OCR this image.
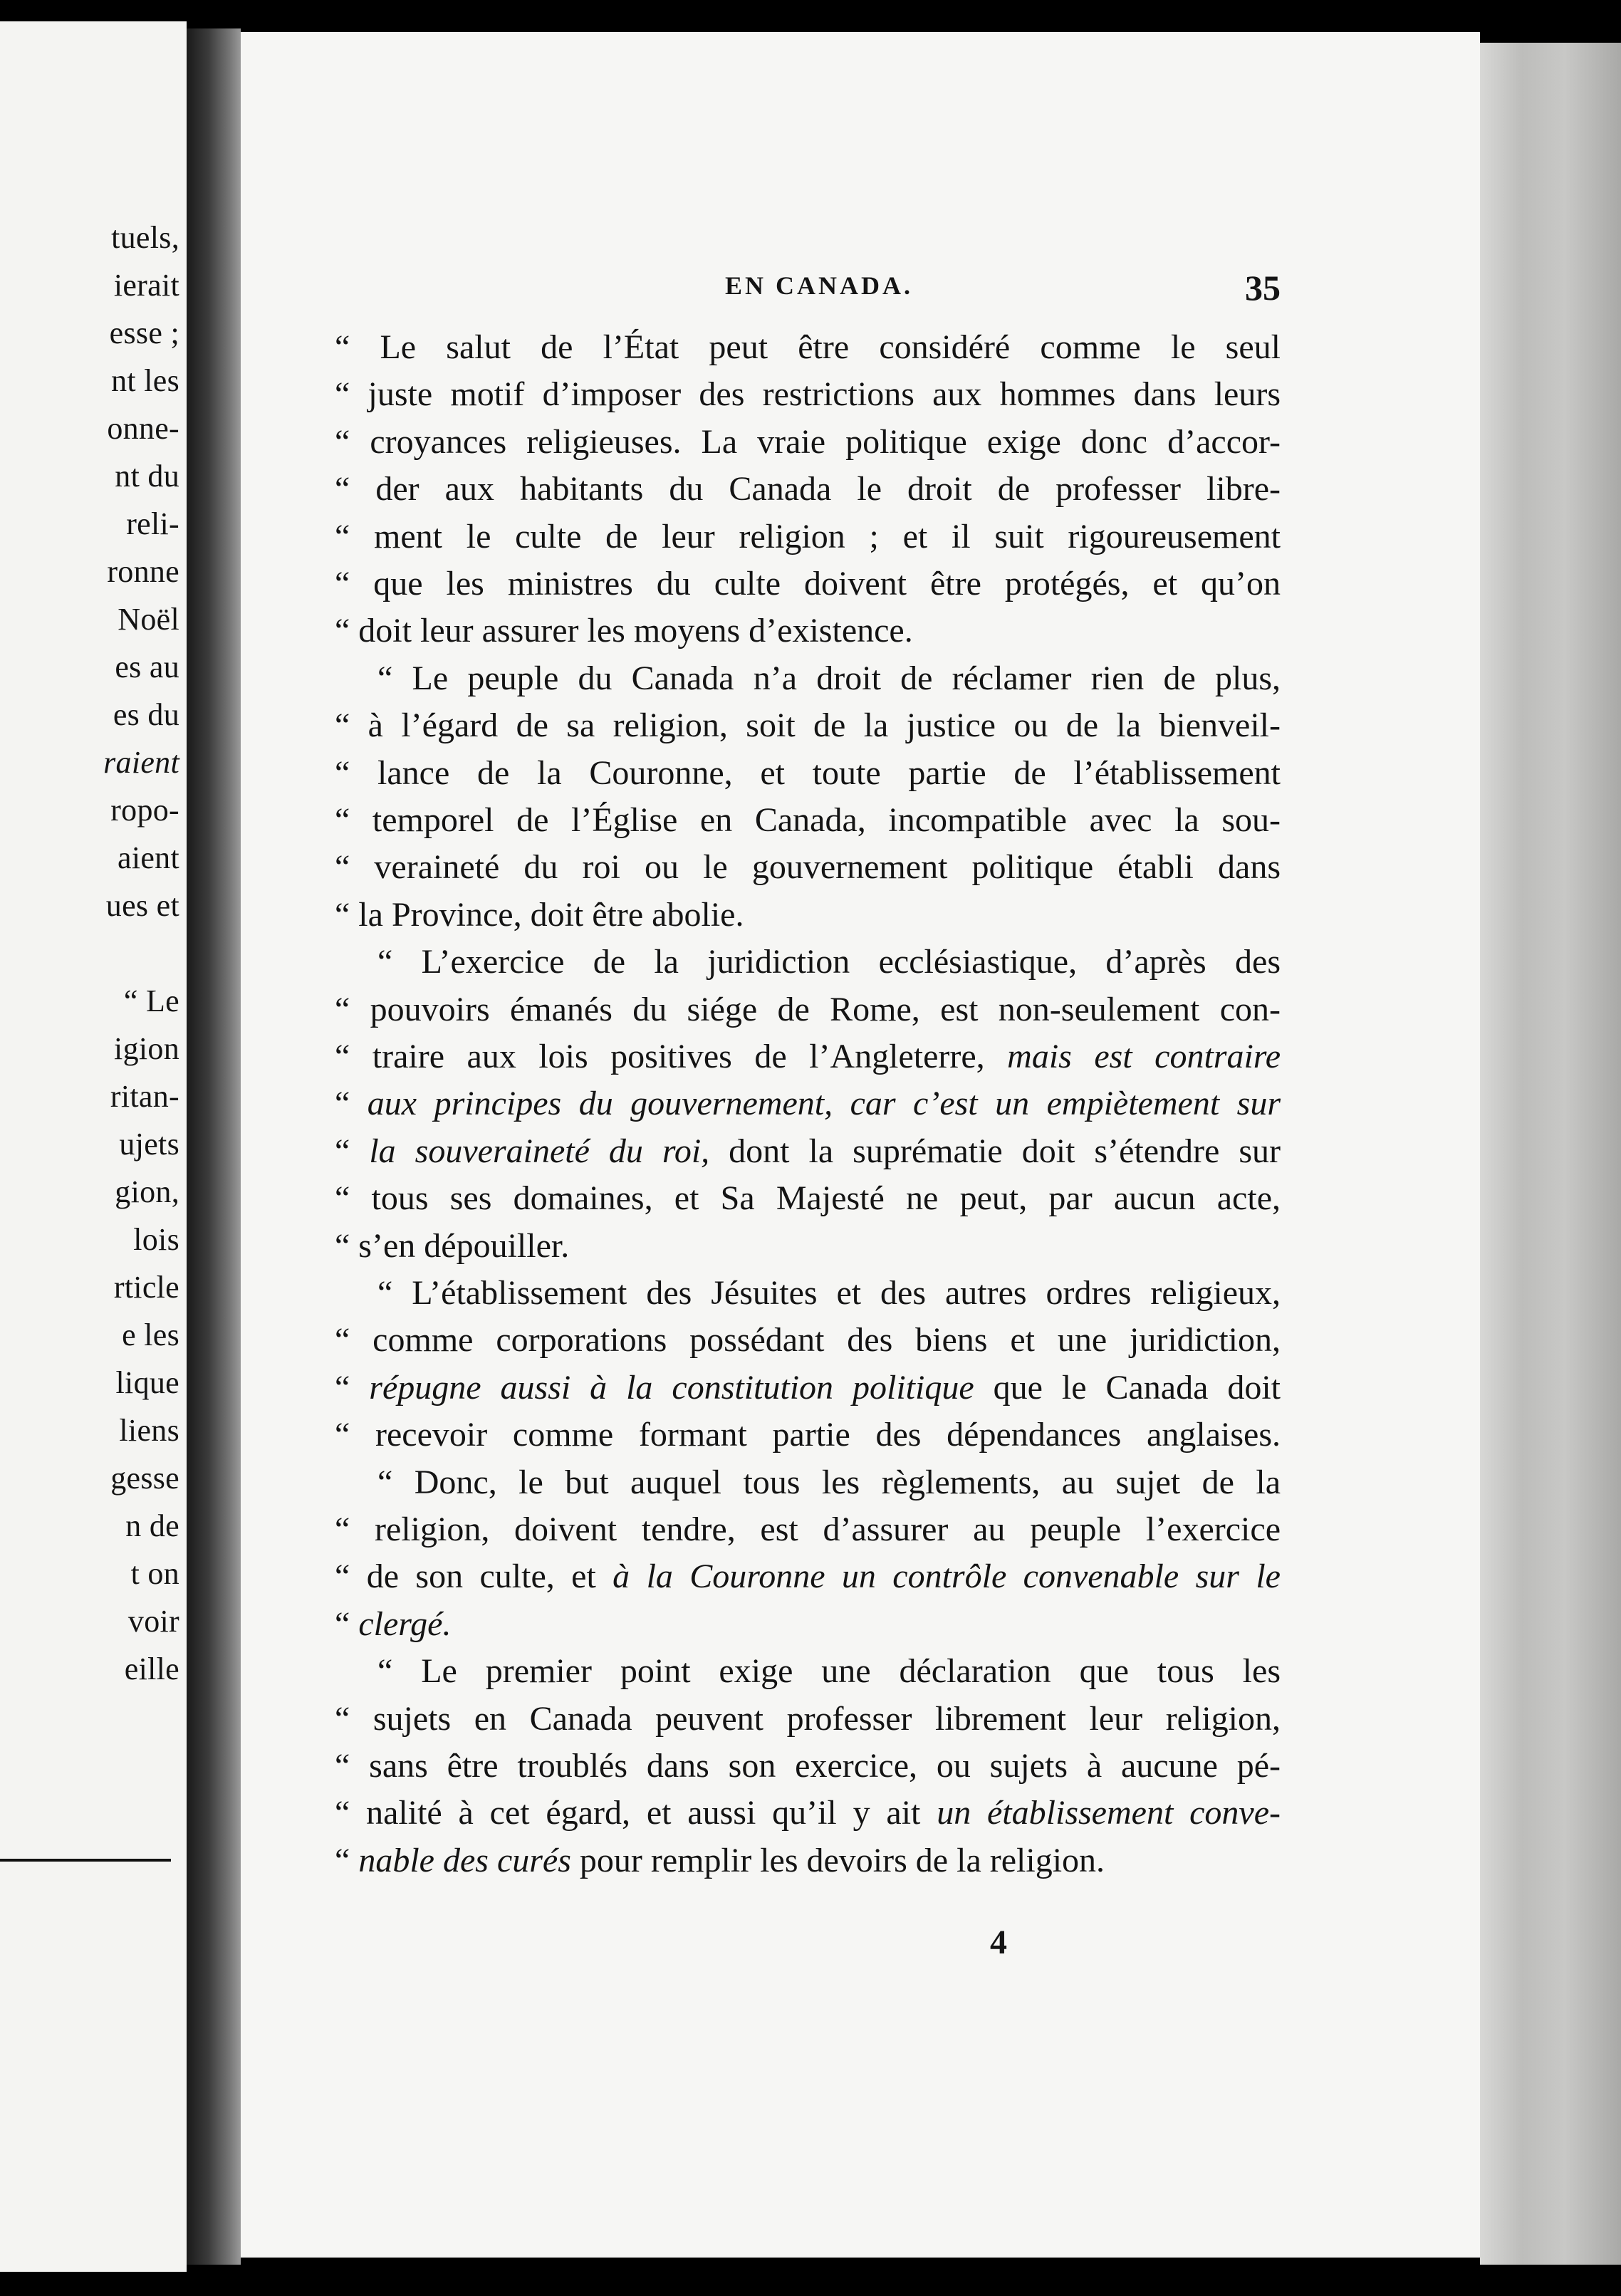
tuels,
ierait
esse ;
nt les
onne-
nt du
reli-
ronne
Noël
es au
es du
raient
ropo-
aient
ues et
“ Le
igion
ritan-
ujets
gion,
lois
rticle
e les
lique
liens
gesse
n de
t on
voir
eille
EN CANADA.	35
“ Le salut de l’État peut être considéré comme le seul
“ juste motif d’imposer des restrictions aux hommes dans leurs
“ croyances religieuses. La vraie politique exige donc d’accor-
“ der aux habitants du Canada le droit de professer libre-
“ ment le culte de leur religion ; et il suit rigoureusement
“ que les ministres du culte doivent être protégés, et qu’on
“ doit leur assurer les moyens d’existence.
“ Le peuple du Canada n’a droit de réclamer rien de plus,
“ à l’égard de sa religion, soit de la justice ou de la bienveil-
“ lance de la Couronne, et toute partie de l’établissement
“ temporel de l’Église en Canada, incompatible avec la sou-
“ veraineté du roi ou le gouvernement politique établi dans
“ la Province, doit être abolie.
“ L’exercice de la juridiction ecclésiastique, d’après des
“ pouvoirs émanés du siége de Rome, est non-seulement con-
“ traire aux lois positives de l’Angleterre, mais est contraire
“ aux principes du gouvernement, car c’est un empiètement sur
“ la souveraineté du roi, dont la suprématie doit s’étendre sur
“ tous ses domaines, et Sa Majesté ne peut, par aucun acte,
“ s’en dépouiller.
“ L’établissement des Jésuites et des autres ordres religieux,
“ comme corporations possédant des biens et une juridiction,
“ répugne aussi à la constitution politique que le Canada doit
“ recevoir comme formant partie des dépendances anglaises.
“ Donc, le but auquel tous les règlements, au sujet de la
“ religion, doivent tendre, est d’assurer au peuple l’exercice
“ de son culte, et à la Couronne un contrôle convenable sur le
“ clergé.
“ Le premier point exige une déclaration que tous les
“ sujets en Canada peuvent professer librement leur religion,
“ sans être troublés dans son exercice, ou sujets à aucune pé-
“ nalité à cet égard, et aussi qu’il y ait un établissement conve-
“ nable des curés pour remplir les devoirs de la religion.
4
